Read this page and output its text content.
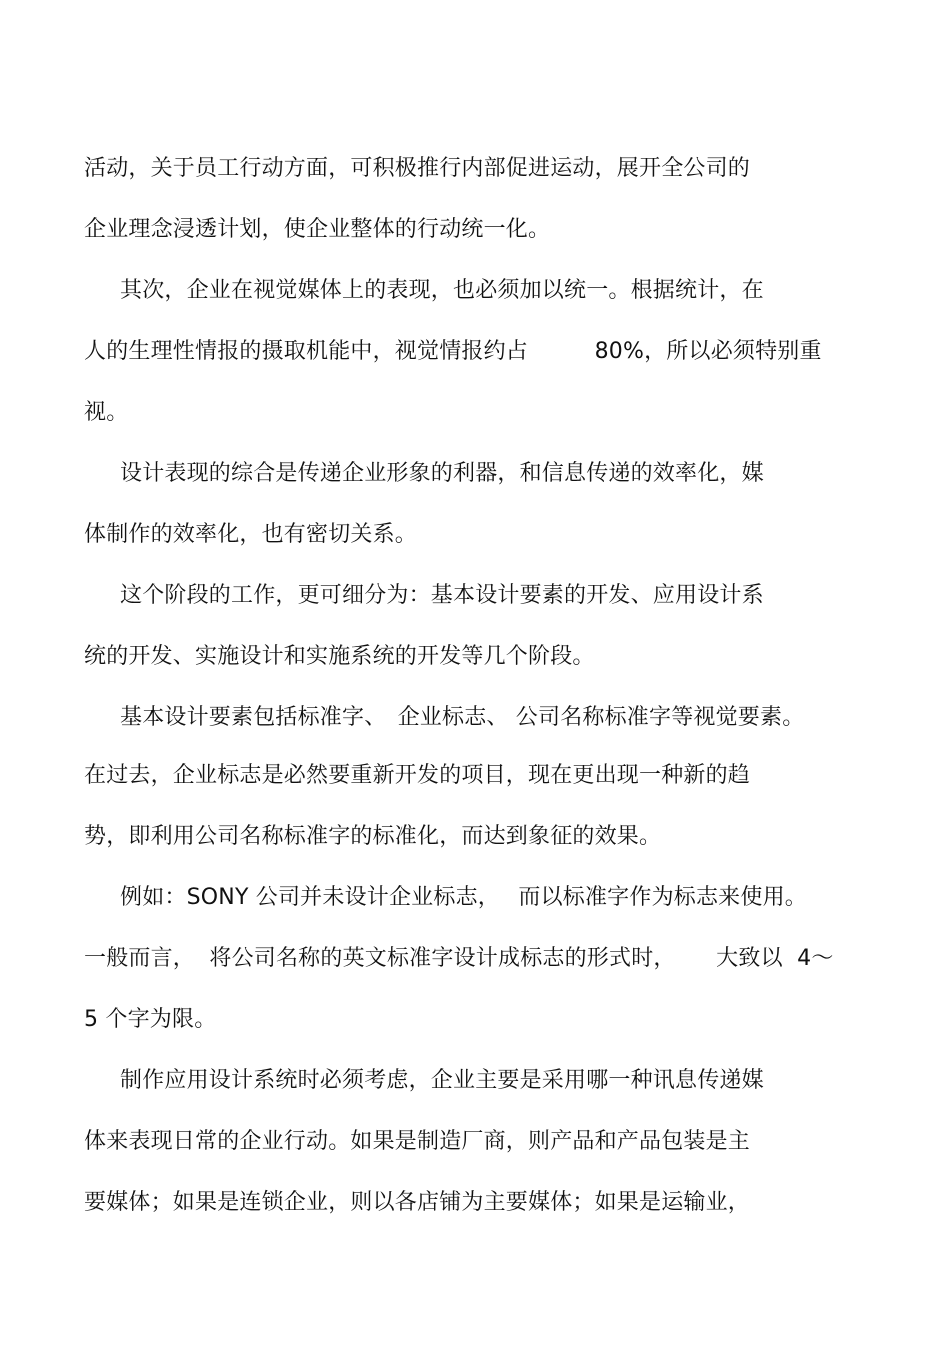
活动，关于员工行动方面，可积极推行内部促进运动，展开全公司的
企业理念浸透计划，使企业整体的行动统一化。
其次，企业在视觉媒体上的表现，也必须加以统一。根据统计，在
人的生理性情报的摄取机能中，视觉情报约占　　　80%，所以必须特别重
视。
设计表现的综合是传递企业形象的利器，和信息传递的效率化，媒
体制作的效率化，也有密切关系。
这个阶段的工作，更可细分为：基本设计要素的开发、应用设计系
统的开发、实施设计和实施系统的开发等几个阶段。
基本设计要素包括标准字、　企业标志、 公司名称标准字等视觉要素。
在过去，企业标志是必然要重新开发的项目，现在更出现一种新的趋
势，即利用公司名称标准字的标准化，而达到象征的效果。
例如：SONY 公司并未设计企业标志，　 而以标准字作为标志来使用。
一般而言，  将公司名称的英文标准字设计成标志的形式时，　　 大致以  4～
5 个字为限。
制作应用设计系统时必须考虑，企业主要是采用哪一种讯息传递媒
体来表现日常的企业行动。如果是制造厂商，则产品和产品包装是主
要媒体；如果是连锁企业，则以各店铺为主要媒体；如果是运输业，
